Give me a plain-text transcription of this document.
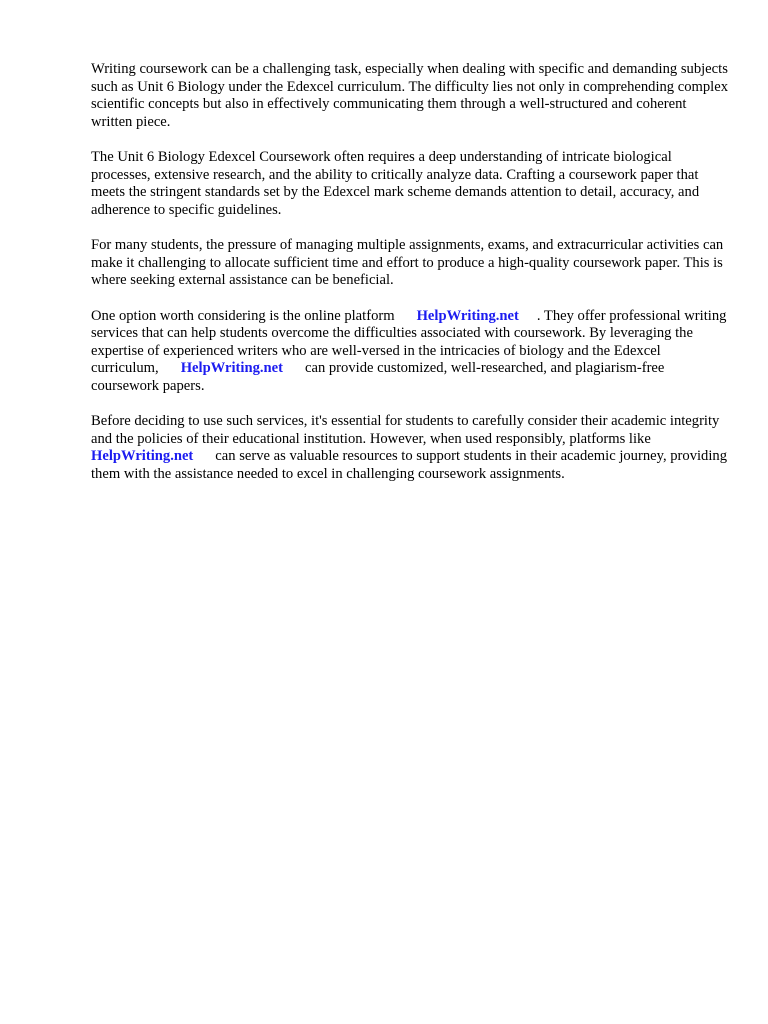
Writing coursework can be a challenging task, especially when dealing with specific and demanding subjects such as Unit 6 Biology under the Edexcel curriculum. The difficulty lies not only in comprehending complex scientific concepts but also in effectively communicating them through a well-structured and coherent written piece.

The Unit 6 Biology Edexcel Coursework often requires a deep understanding of intricate biological processes, extensive research, and the ability to critically analyze data. Crafting a coursework paper that meets the stringent standards set by the Edexcel mark scheme demands attention to detail, accuracy, and adherence to specific guidelines.

For many students, the pressure of managing multiple assignments, exams, and extracurricular activities can make it challenging to allocate sufficient time and effort to produce a high-quality coursework paper. This is where seeking external assistance can be beneficial.

One option worth considering is the online platform HelpWriting.net . They offer professional writing services that can help students overcome the difficulties associated with coursework. By leveraging the expertise of experienced writers who are well-versed in the intricacies of biology and the Edexcel curriculum, HelpWriting.net can provide customized, well-researched, and plagiarism-free coursework papers.

Before deciding to use such services, it's essential for students to carefully consider their academic integrity and the policies of their educational institution. However, when used responsibly, platforms likeHelpWriting.net can serve as valuable resources to support students in their academic journey, providing them with the assistance needed to excel in challenging coursework assignments.
